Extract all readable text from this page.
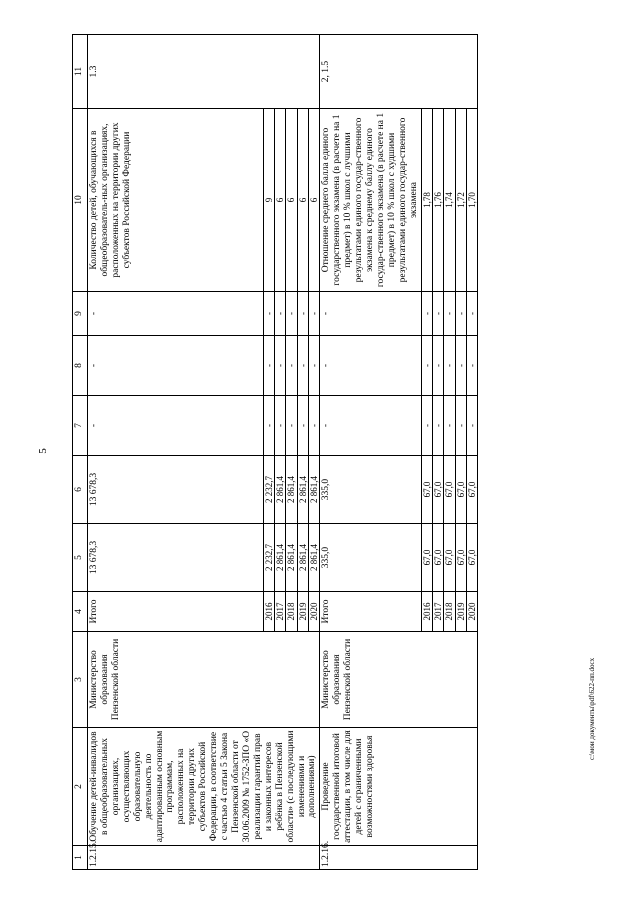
5
c:\мои документы\pdf\622-пп.docx
1	2	3	4	5	6	7	8	9	10	11
1.2.15.	Обучение детей-инвалидов в общеобразовательных организациях, осуществляющих образовательную деятельность по адаптированным основным программам, расположенных на территории других субъектов Российской Федерации, в соответствие с частью 4 статьи 5 Закона Пензенской области от 30.06.2009 № 1752-ЗПО «О реализации гарантий прав и законных интересов ребёнка в Пензенской области» (с последующими изменениями и дополнениями)	Министерство образования Пензенской области	Итого	13 678,3	13 678,3	-	-	-	Количество детей, обучающихся в общеобразователь-ных организациях, расположенных на территории других субъектов Российской Федерации	1.3
			2016	2 232,7	2 232,7	-	-	-	9	
			2017	2 861,4	2 861,4	-	-	-	6	
			2018	2 861,4	2 861,4	-	-	-	6	
			2019	2 861,4	2 861,4	-	-	-	6	
			2020	2 861,4	2 861,4	-	-	-	6	
1.2.16.	Проведение государственной итоговой аттестации, в том числе для детей с ограниченными возможностями здоровья	Министерство образования Пензенской области	Итого	335,0	335,0	-	-	-	Отношение среднего балла единого государственного экзамена (в расчете на 1 предмет) в 10 % школ с лучшими результатами единого государ-ственного экзамена к среднему баллу единого государ-ственного экзамена (в расчете на 1 предмет) в 10 % школ с худшими результатами единого государ-ственного экзамена	2, 1.5
			2016	67,0	67,0	-	-	-	1,78	
			2017	67,0	67,0	-	-	-	1,76	
			2018	67,0	67,0	-	-	-	1,74	
			2019	67,0	67,0	-	-	-	1,72	
			2020	67,0	67,0	-	-	-	1,70	
